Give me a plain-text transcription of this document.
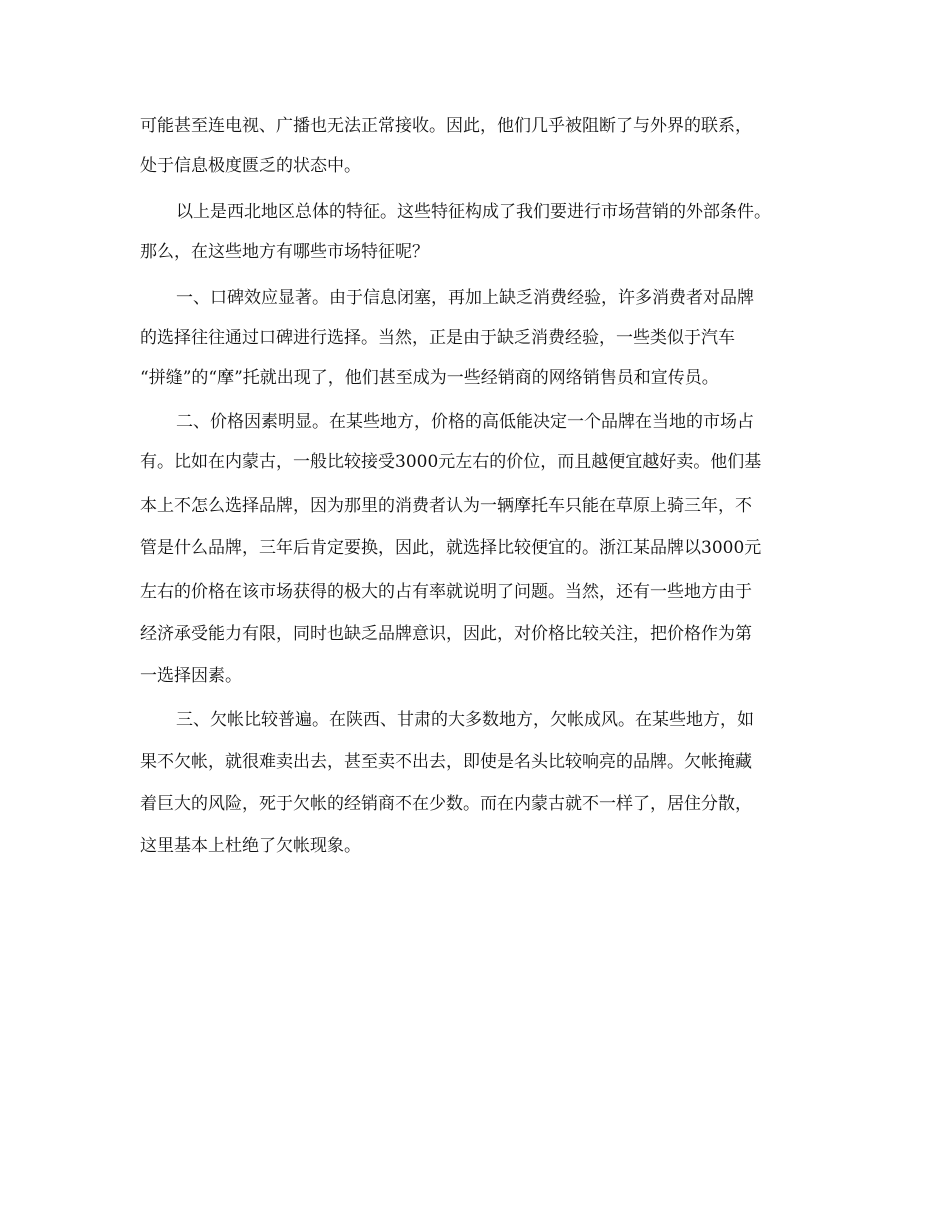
可能甚至连电视、广播也无法正常接收。因此，他们几乎被阻断了与外界的联系，
处于信息极度匮乏的状态中。
以上是西北地区总体的特征。这些特征构成了我们要进行市场营销的外部条件。
那么，在这些地方有哪些市场特征呢？
一、口碑效应显著。由于信息闭塞，再加上缺乏消费经验，许多消费者对品牌
的选择往往通过口碑进行选择。当然，正是由于缺乏消费经验，一些类似于汽车
“拼缝”的“摩”托就出现了，他们甚至成为一些经销商的网络销售员和宣传员。
二、价格因素明显。在某些地方，价格的高低能决定一个品牌在当地的市场占
有。比如在内蒙古，一般比较接受3000元左右的价位，而且越便宜越好卖。他们基
本上不怎么选择品牌，因为那里的消费者认为一辆摩托车只能在草原上骑三年，不
管是什么品牌，三年后肯定要换，因此，就选择比较便宜的。浙江某品牌以3000元
左右的价格在该市场获得的极大的占有率就说明了问题。当然，还有一些地方由于
经济承受能力有限，同时也缺乏品牌意识，因此，对价格比较关注，把价格作为第
一选择因素。
三、欠帐比较普遍。在陕西、甘肃的大多数地方，欠帐成风。在某些地方，如
果不欠帐，就很难卖出去，甚至卖不出去，即使是名头比较响亮的品牌。欠帐掩藏
着巨大的风险，死于欠帐的经销商不在少数。而在内蒙古就不一样了，居住分散，
这里基本上杜绝了欠帐现象。
